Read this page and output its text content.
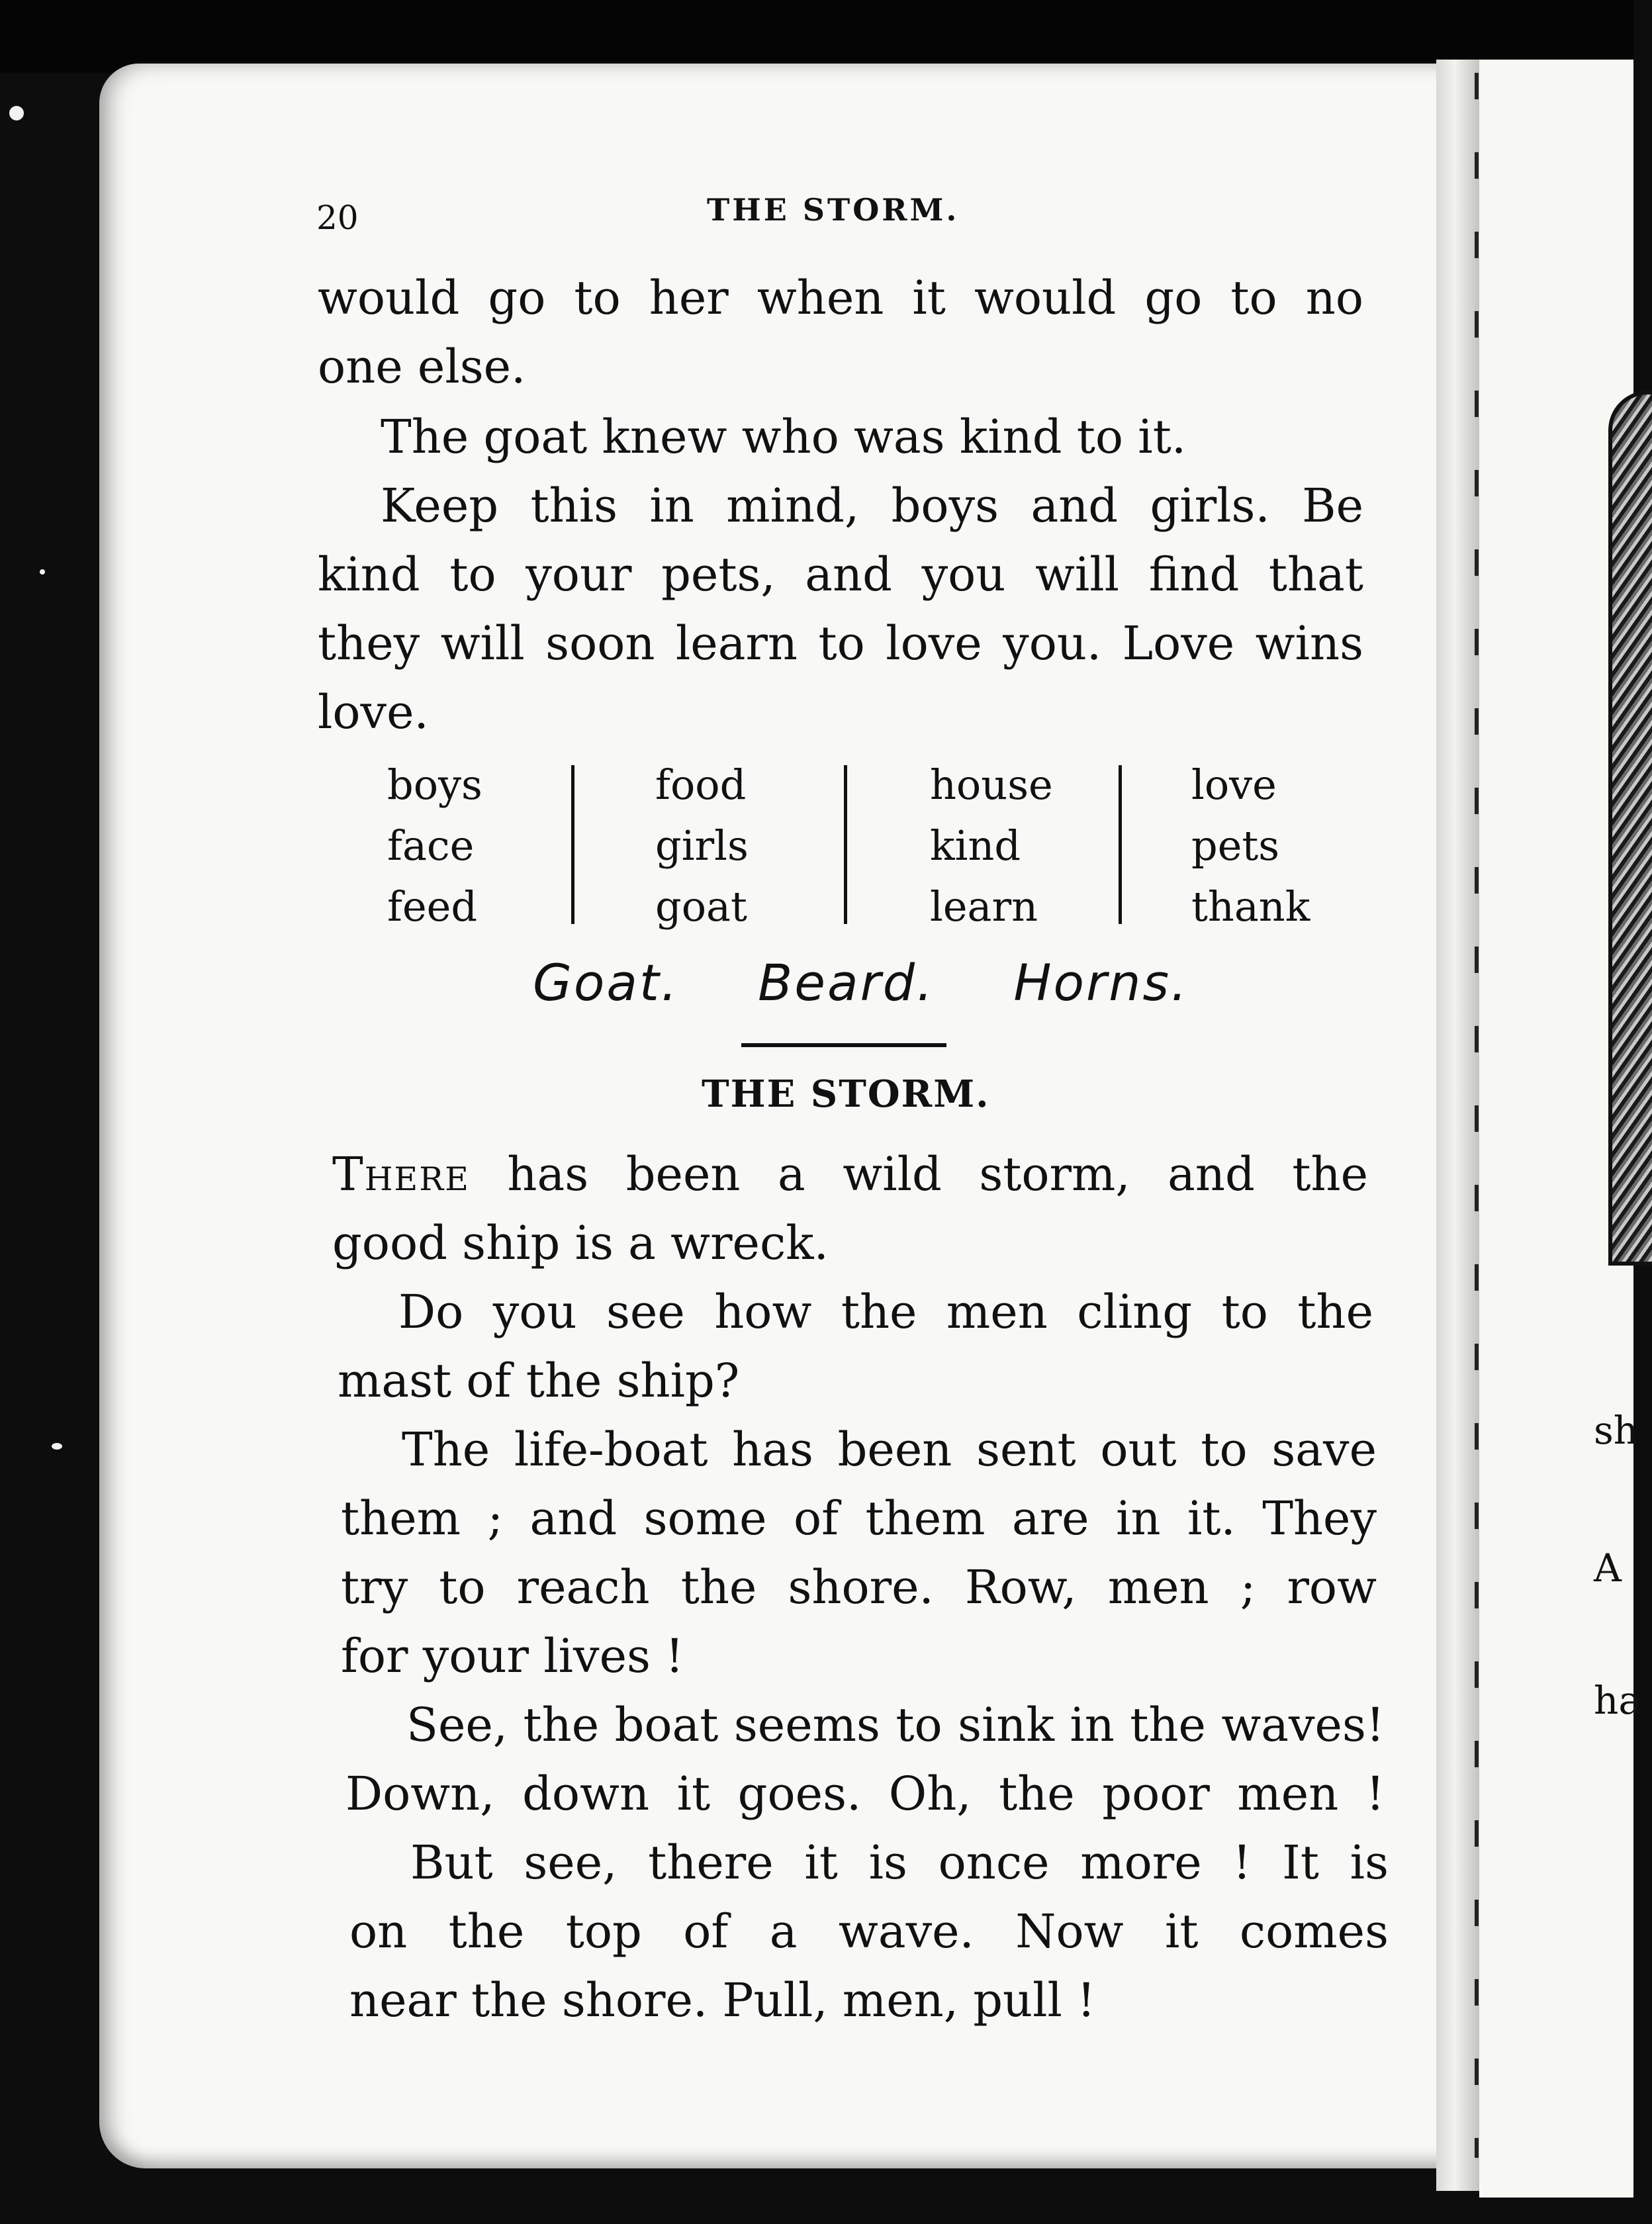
sh
A
ha
20	THE STORM.
would go to her when it would go to no
one else.
The goat knew who was kind to it.
Keep this in mind, boys and girls. Be
kind to your pets, and you will find that
they will soon learn to love you. Love wins
love.
boys
face
feed
food
girls
goat
house
kind
learn
love
pets
thank
Goat. Beard. Horns.
THE STORM.
There has been a wild storm, and the
good ship is a wreck.
Do you see how the men cling to the
mast of the ship?
The life-boat has been sent out to save
them ; and some of them are in it. They
try to reach the shore. Row, men ; row
for your lives !
See, the boat seems to sink in the waves!
Down, down it goes. Oh, the poor men !
But see, there it is once more ! It is
on the top of a wave. Now it comes
near the shore. Pull, men, pull !
